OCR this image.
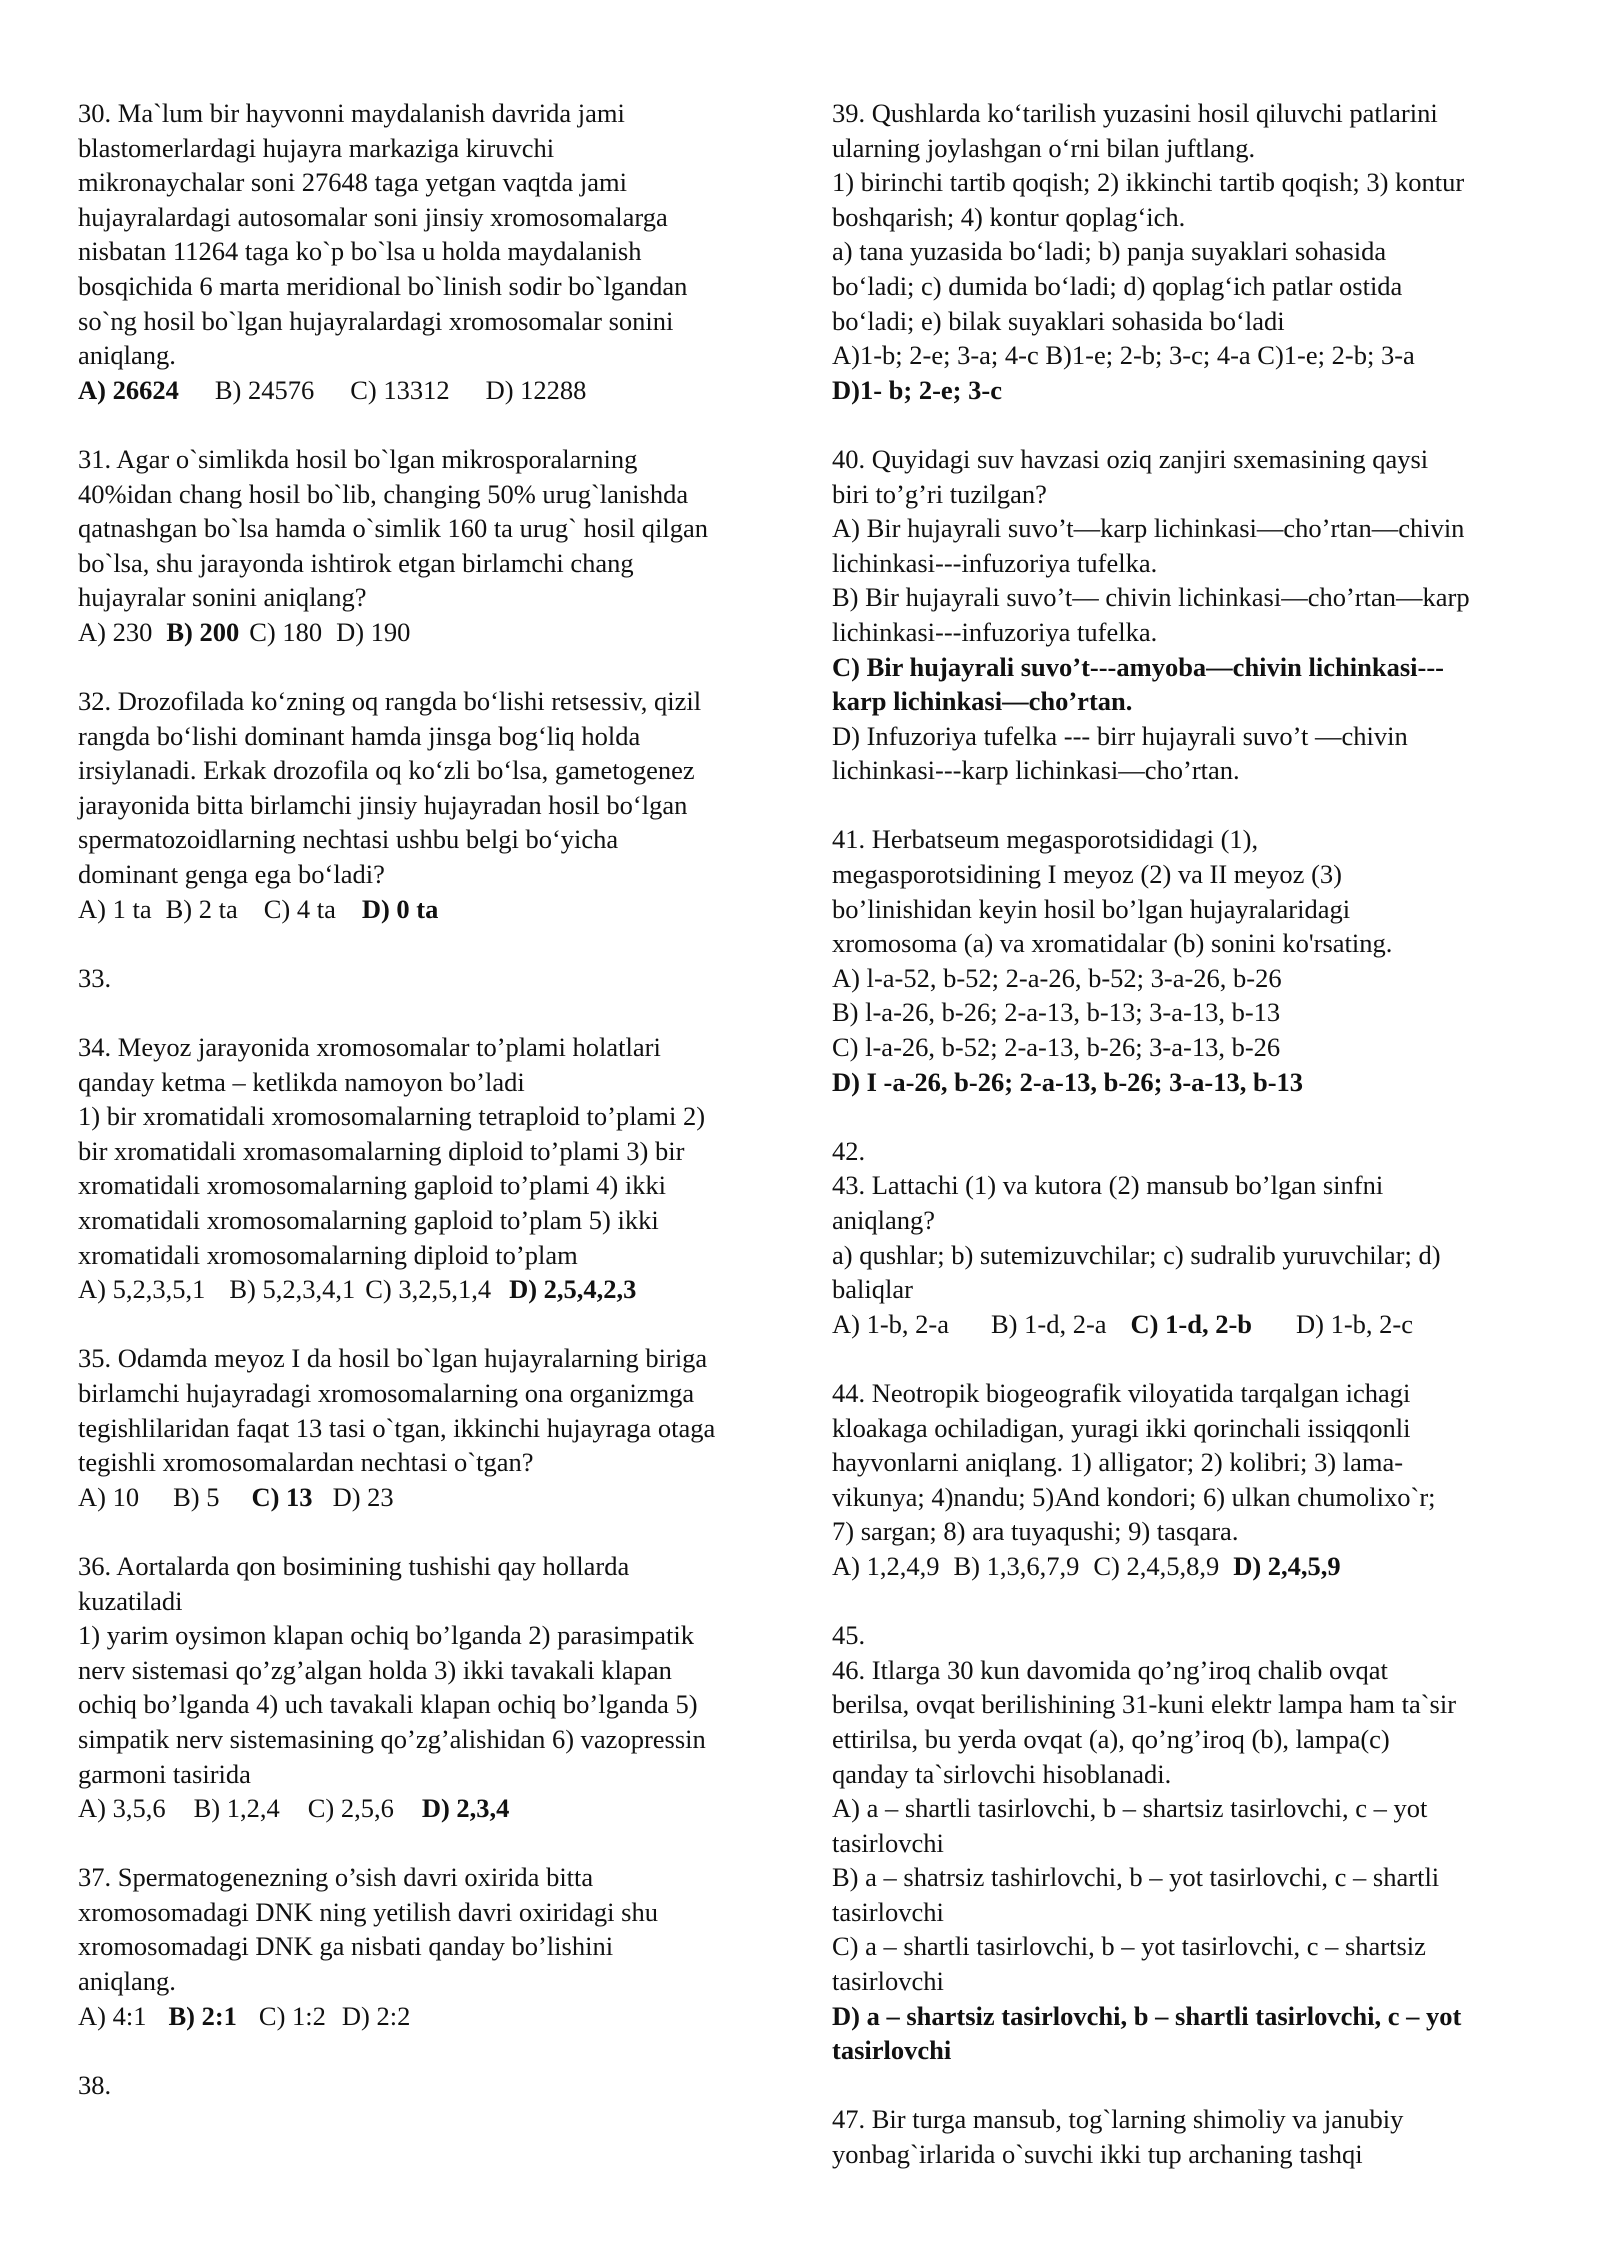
30. Ma`lum bir hayvonni maydalanish davrida jami
blastomerlardagi hujayra markaziga kiruvchi
mikronaychalar soni 27648 taga yetgan vaqtda jami
hujayralardagi autosomalar soni jinsiy xromosomalarga
nisbatan 11264 taga ko`p bo`lsa u holda maydalanish
bosqichida 6 marta meridional bo`linish sodir bo`lgandan
so`ng hosil bo`lgan hujayralardagi xromosomalar sonini
aniqlang.
A) 26624 B) 24576 C) 13312 D) 12288
31. Agar o`simlikda hosil bo`lgan mikrosporalarning
40%idan chang hosil bo`lib, changing 50% urug`lanishda
qatnashgan bo`lsa hamda o`simlik 160 ta urug` hosil qilgan
bo`lsa, shu jarayonda ishtirok etgan birlamchi chang
hujayralar sonini aniqlang?
A) 230 B) 200 C) 180 D) 190
32. Drozofilada ko‘zning oq rangda bo‘lishi retsessiv, qizil
rangda bo‘lishi dominant hamda jinsga bog‘liq holda
irsiylanadi. Erkak drozofila oq ko‘zli bo‘lsa, gametogenez
jarayonida bitta birlamchi jinsiy hujayradan hosil bo‘lgan
spermatozoidlarning nechtasi ushbu belgi bo‘yicha
dominant genga ega bo‘ladi?
A) 1 ta B) 2 ta C) 4 ta D) 0 ta
33.
34. Meyoz jarayonida xromosomalar to’plami holatlari
qanday ketma – ketlikda namoyon bo’ladi
1) bir xromatidali xromosomalarning tetraploid to’plami 2)
bir xromatidali xromasomalarning diploid to’plami 3) bir
xromatidali xromosomalarning gaploid to’plami 4) ikki
xromatidali xromosomalarning gaploid to’plam 5) ikki
xromatidali xromosomalarning diploid to’plam
A) 5,2,3,5,1 B) 5,2,3,4,1 C) 3,2,5,1,4 D) 2,5,4,2,3
35. Odamda meyoz I da hosil bo`lgan hujayralarning biriga
birlamchi hujayradagi xromosomalarning ona organizmga
tegishlilaridan faqat 13 tasi o`tgan, ikkinchi hujayraga otaga
tegishli xromosomalardan nechtasi o`tgan?
A) 10 B) 5 C) 13 D) 23
36. Aortalarda qon bosimining tushishi qay hollarda
kuzatiladi
1) yarim oysimon klapan ochiq bo’lganda 2) parasimpatik
nerv sistemasi qo’zg’algan holda 3) ikki tavakali klapan
ochiq bo’lganda 4) uch tavakali klapan ochiq bo’lganda 5)
simpatik nerv sistemasining qo’zg’alishidan 6) vazopressin
garmoni tasirida
A) 3,5,6 B) 1,2,4 C) 2,5,6 D) 2,3,4
37. Spermatogenezning o’sish davri oxirida bitta
xromosomadagi DNK ning yetilish davri oxiridagi shu
xromosomadagi DNK ga nisbati qanday bo’lishini
aniqlang.
A) 4:1 B) 2:1 C) 1:2 D) 2:2
38.
39. Qushlarda ko‘tarilish yuzasini hosil qiluvchi patlarini
ularning joylashgan o‘rni bilan juftlang.
1) birinchi tartib qoqish; 2) ikkinchi tartib qoqish; 3) kontur
boshqarish; 4) kontur qoplag‘ich.
a) tana yuzasida bo‘ladi; b) panja suyaklari sohasida
bo‘ladi; c) dumida bo‘ladi; d) qoplag‘ich patlar ostida
bo‘ladi; e) bilak suyaklari sohasida bo‘ladi
A)1-b; 2-e; 3-a; 4-c B)1-e; 2-b; 3-c; 4-a C)1-e; 2-b; 3-a
D)1- b; 2-e; 3-c
40. Quyidagi suv havzasi oziq zanjiri sxemasining qaysi
biri to’g’ri tuzilgan?
A) Bir hujayrali suvo’t—karp lichinkasi—cho’rtan—chivin
lichinkasi---infuzoriya tufelka.
B) Bir hujayrali suvo’t— chivin lichinkasi—cho’rtan—karp
lichinkasi---infuzoriya tufelka.
C) Bir hujayrali suvo’t---amyoba—chivin lichinkasi---
karp lichinkasi—cho’rtan.
D) Infuzoriya tufelka --- birr hujayrali suvo’t —chivin
lichinkasi---karp lichinkasi—cho’rtan.
41. Herbatseum megasporotsididagi (1),
megasporotsidining I meyoz (2) va II meyoz (3)
bo’linishidan keyin hosil bo’lgan hujayralaridagi
xromosoma (a) va xromatidalar (b) sonini ko'rsating.
A) l-a-52, b-52; 2-a-26, b-52; 3-a-26, b-26
B) l-a-26, b-26; 2-a-13, b-13; 3-a-13, b-13
C) l-a-26, b-52; 2-a-13, b-26; 3-a-13, b-26
D) I -a-26, b-26; 2-a-13, b-26; 3-a-13, b-13
42.
43. Lattachi (1) va kutora (2) mansub bo’lgan sinfni
aniqlang?
a) qushlar; b) sutemizuvchilar; c) sudralib yuruvchilar; d)
baliqlar
A) 1-b, 2-a B) 1-d, 2-a C) 1-d, 2-b D) 1-b, 2-c
44. Neotropik biogeografik viloyatida tarqalgan ichagi
kloakaga ochiladigan, yuragi ikki qorinchali issiqqonli
hayvonlarni aniqlang. 1) alligator; 2) kolibri; 3) lama-
vikunya; 4)nandu; 5)And kondori; 6) ulkan chumolixo`r;
7) sargan; 8) ara tuyaqushi; 9) tasqara.
A) 1,2,4,9 B) 1,3,6,7,9 C) 2,4,5,8,9 D) 2,4,5,9
45.
46. Itlarga 30 kun davomida qo’ng’iroq chalib ovqat
berilsa, ovqat berilishining 31-kuni elektr lampa ham ta`sir
ettirilsa, bu yerda ovqat (a), qo’ng’iroq (b), lampa(c)
qanday ta`sirlovchi hisoblanadi.
A) a – shartli tasirlovchi, b – shartsiz tasirlovchi, c – yot
tasirlovchi
B) a – shatrsiz tashirlovchi, b – yot tasirlovchi, c – shartli
tasirlovchi
C) a – shartli tasirlovchi, b – yot tasirlovchi, c – shartsiz
tasirlovchi
D) a – shartsiz tasirlovchi, b – shartli tasirlovchi, c – yot
tasirlovchi
47. Bir turga mansub, tog`larning shimoliy va janubiy
yonbag`irlarida o`suvchi ikki tup archaning tashqi
